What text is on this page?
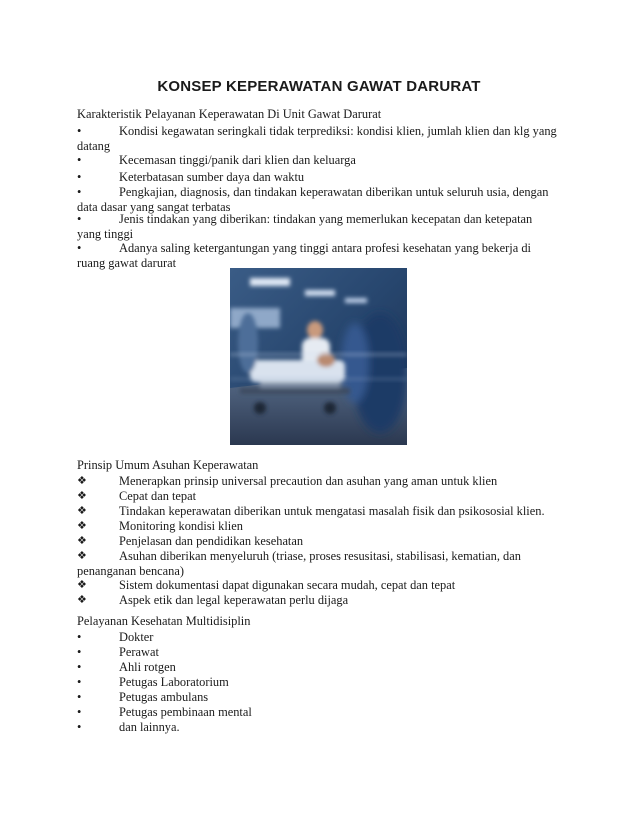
KONSEP KEPERAWATAN GAWAT DARURAT
Karakteristik Pelayanan Keperawatan Di Unit Gawat Darurat
•	Kondisi kegawatan seringkali tidak terprediksi: kondisi klien, jumlah klien dan klg yang
datang
•	Kecemasan tinggi/panik dari klien dan keluarga
•	Keterbatasan sumber daya dan waktu
•	Pengkajian, diagnosis, dan tindakan keperawatan diberikan untuk seluruh usia, dengan
data dasar yang sangat terbatas
•	Jenis tindakan yang diberikan: tindakan yang memerlukan kecepatan dan ketepatan
yang tinggi
•	Adanya saling ketergantungan yang tinggi antara profesi kesehatan yang bekerja di
ruang gawat darurat
Prinsip Umum Asuhan Keperawatan
❖	Menerapkan prinsip universal precaution dan asuhan yang aman untuk klien
❖	Cepat dan tepat
❖	Tindakan keperawatan diberikan untuk mengatasi masalah fisik dan psikososial klien.
❖	Monitoring kondisi klien
❖	Penjelasan dan pendidikan kesehatan
❖	Asuhan diberikan menyeluruh (triase, proses resusitasi, stabilisasi, kematian, dan
penanganan bencana)
❖	Sistem dokumentasi dapat digunakan secara mudah, cepat dan tepat
❖	Aspek etik dan legal keperawatan perlu dijaga
Pelayanan Kesehatan Multidisiplin
•	Dokter
•	Perawat
•	Ahli rotgen
•	Petugas Laboratorium
•	Petugas ambulans
•	Petugas pembinaan mental
•	dan lainnya.
